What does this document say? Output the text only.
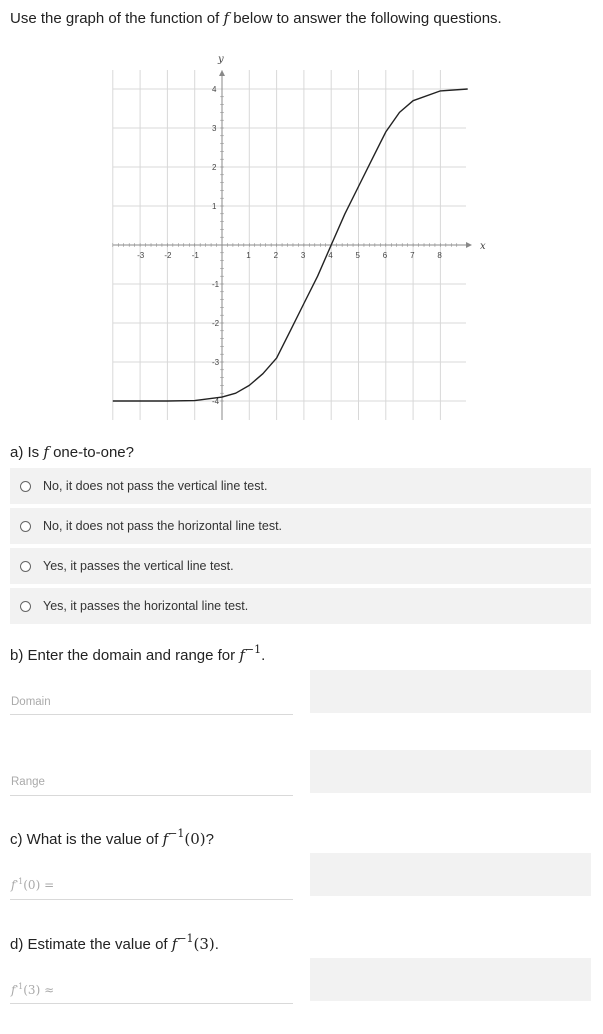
Use the graph of the function of f below to answer the following questions.
-3	-2	-1	1	2	3	4	5	6	7	8
4
3
2
1
-1
-2
-3
-4
x
y
a) Is f one-to-one?
No, it does not pass the vertical line test.
No, it does not pass the horizontal line test.
Yes, it passes the vertical line test.
Yes, it passes the horizontal line test.
b) Enter the domain and range for $f^{-1}$.
Domain
Range
c) What is the value of $f^{-1}(0)$?
$f^{-1}(0)$ =
d) Estimate the value of $f^{-1}(3)$.
$f^{-1}(3)$ ≈
